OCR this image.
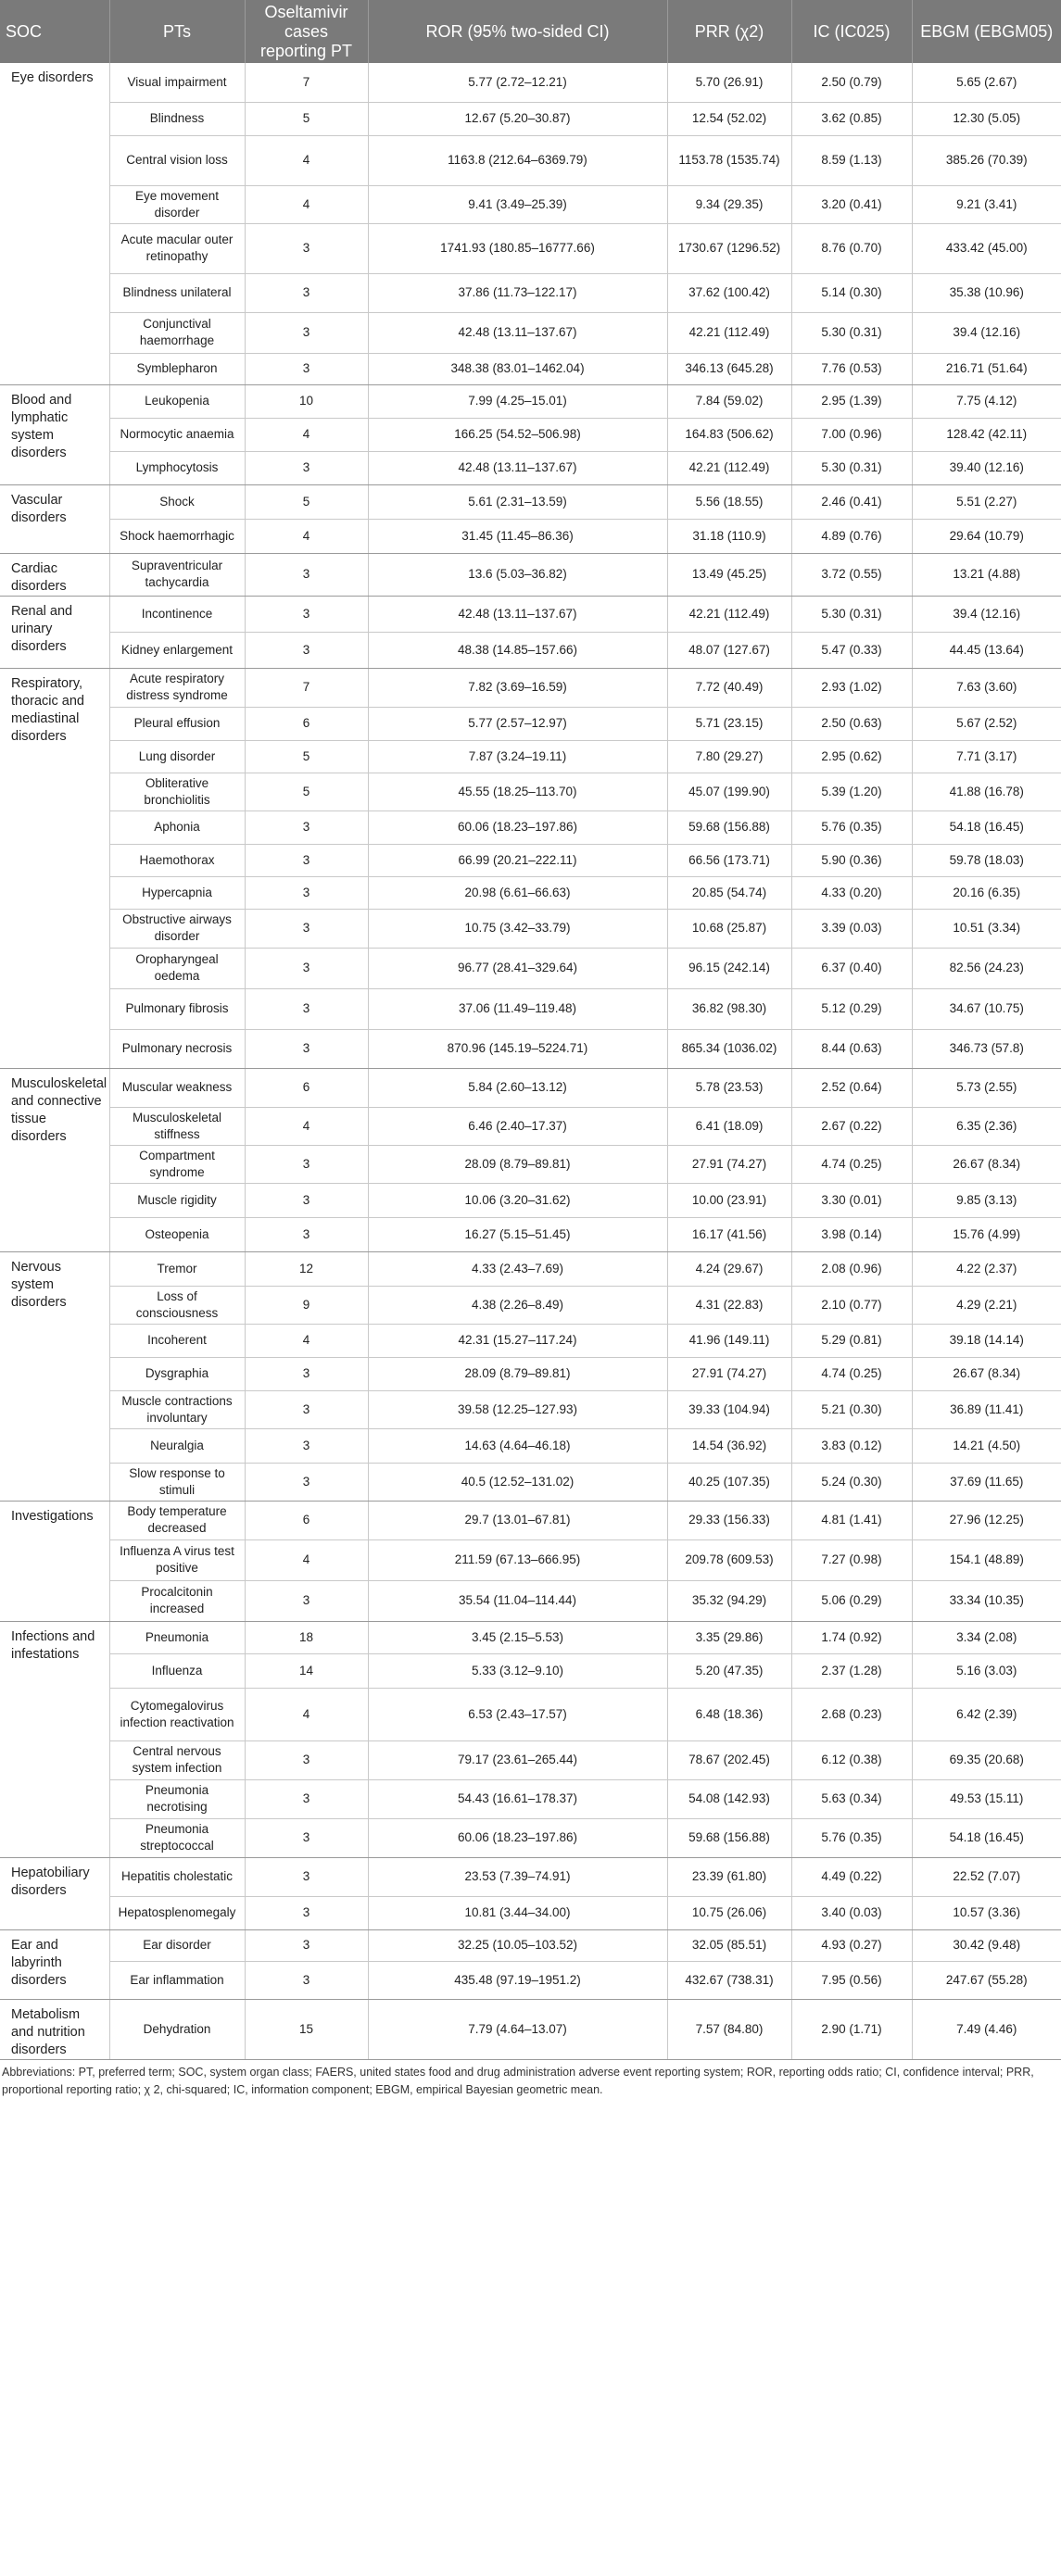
SOC	PTs	Oseltamivir cases reporting PT	ROR (95% two-sided CI)	PRR (χ2)	IC (IC025)	EBGM (EBGM05)
Eye disorders	Visual impairment	7	5.77 (2.72–12.21)	5.70 (26.91)	2.50 (0.79)	5.65 (2.67)
	Blindness	5	12.67 (5.20–30.87)	12.54 (52.02)	3.62 (0.85)	12.30 (5.05)
	Central vision loss	4	1163.8 (212.64–6369.79)	1153.78 (1535.74)	8.59 (1.13)	385.26 (70.39)
	Eye movement disorder	4	9.41 (3.49–25.39)	9.34 (29.35)	3.20 (0.41)	9.21 (3.41)
	Acute macular outer retinopathy	3	1741.93 (180.85–16777.66)	1730.67 (1296.52)	8.76 (0.70)	433.42 (45.00)
	Blindness unilateral	3	37.86 (11.73–122.17)	37.62 (100.42)	5.14 (0.30)	35.38 (10.96)
	Conjunctival haemorrhage	3	42.48 (13.11–137.67)	42.21 (112.49)	5.30 (0.31)	39.4 (12.16)
	Symblepharon	3	348.38 (83.01–1462.04)	346.13 (645.28)	7.76 (0.53)	216.71 (51.64)
Blood and lymphatic system disorders	Leukopenia	10	7.99 (4.25–15.01)	7.84 (59.02)	2.95 (1.39)	7.75 (4.12)
	Normocytic anaemia	4	166.25 (54.52–506.98)	164.83 (506.62)	7.00 (0.96)	128.42 (42.11)
	Lymphocytosis	3	42.48 (13.11–137.67)	42.21 (112.49)	5.30 (0.31)	39.40 (12.16)
Vascular disorders	Shock	5	5.61 (2.31–13.59)	5.56 (18.55)	2.46 (0.41)	5.51 (2.27)
	Shock haemorrhagic	4	31.45 (11.45–86.36)	31.18 (110.9)	4.89 (0.76)	29.64 (10.79)
Cardiac disorders	Supraventricular tachycardia	3	13.6 (5.03–36.82)	13.49 (45.25)	3.72 (0.55)	13.21 (4.88)
Renal and urinary disorders	Incontinence	3	42.48 (13.11–137.67)	42.21 (112.49)	5.30 (0.31)	39.4 (12.16)
	Kidney enlargement	3	48.38 (14.85–157.66)	48.07 (127.67)	5.47 (0.33)	44.45 (13.64)
Respiratory, thoracic and mediastinal disorders	Acute respiratory distress syndrome	7	7.82 (3.69–16.59)	7.72 (40.49)	2.93 (1.02)	7.63 (3.60)
	Pleural effusion	6	5.77 (2.57–12.97)	5.71 (23.15)	2.50 (0.63)	5.67 (2.52)
	Lung disorder	5	7.87 (3.24–19.11)	7.80 (29.27)	2.95 (0.62)	7.71 (3.17)
	Obliterative bronchiolitis	5	45.55 (18.25–113.70)	45.07 (199.90)	5.39 (1.20)	41.88 (16.78)
	Aphonia	3	60.06 (18.23–197.86)	59.68 (156.88)	5.76 (0.35)	54.18 (16.45)
	Haemothorax	3	66.99 (20.21–222.11)	66.56 (173.71)	5.90 (0.36)	59.78 (18.03)
	Hypercapnia	3	20.98 (6.61–66.63)	20.85 (54.74)	4.33 (0.20)	20.16 (6.35)
	Obstructive airways disorder	3	10.75 (3.42–33.79)	10.68 (25.87)	3.39 (0.03)	10.51 (3.34)
	Oropharyngeal oedema	3	96.77 (28.41–329.64)	96.15 (242.14)	6.37 (0.40)	82.56 (24.23)
	Pulmonary fibrosis	3	37.06 (11.49–119.48)	36.82 (98.30)	5.12 (0.29)	34.67 (10.75)
	Pulmonary necrosis	3	870.96 (145.19–5224.71)	865.34 (1036.02)	8.44 (0.63)	346.73 (57.8)
Musculoskeletal and connective tissue disorders	Muscular weakness	6	5.84 (2.60–13.12)	5.78 (23.53)	2.52 (0.64)	5.73 (2.55)
	Musculoskeletal stiffness	4	6.46 (2.40–17.37)	6.41 (18.09)	2.67 (0.22)	6.35 (2.36)
	Compartment syndrome	3	28.09 (8.79–89.81)	27.91 (74.27)	4.74 (0.25)	26.67 (8.34)
	Muscle rigidity	3	10.06 (3.20–31.62)	10.00 (23.91)	3.30 (0.01)	9.85 (3.13)
	Osteopenia	3	16.27 (5.15–51.45)	16.17 (41.56)	3.98 (0.14)	15.76 (4.99)
Nervous system disorders	Tremor	12	4.33 (2.43–7.69)	4.24 (29.67)	2.08 (0.96)	4.22 (2.37)
	Loss of consciousness	9	4.38 (2.26–8.49)	4.31 (22.83)	2.10 (0.77)	4.29 (2.21)
	Incoherent	4	42.31 (15.27–117.24)	41.96 (149.11)	5.29 (0.81)	39.18 (14.14)
	Dysgraphia	3	28.09 (8.79–89.81)	27.91 (74.27)	4.74 (0.25)	26.67 (8.34)
	Muscle contractions involuntary	3	39.58 (12.25–127.93)	39.33 (104.94)	5.21 (0.30)	36.89 (11.41)
	Neuralgia	3	14.63 (4.64–46.18)	14.54 (36.92)	3.83 (0.12)	14.21 (4.50)
	Slow response to stimuli	3	40.5 (12.52–131.02)	40.25 (107.35)	5.24 (0.30)	37.69 (11.65)
Investigations	Body temperature decreased	6	29.7 (13.01–67.81)	29.33 (156.33)	4.81 (1.41)	27.96 (12.25)
	Influenza A virus test positive	4	211.59 (67.13–666.95)	209.78 (609.53)	7.27 (0.98)	154.1 (48.89)
	Procalcitonin increased	3	35.54 (11.04–114.44)	35.32 (94.29)	5.06 (0.29)	33.34 (10.35)
Infections and infestations	Pneumonia	18	3.45 (2.15–5.53)	3.35 (29.86)	1.74 (0.92)	3.34 (2.08)
	Influenza	14	5.33 (3.12–9.10)	5.20 (47.35)	2.37 (1.28)	5.16 (3.03)
	Cytomegalovirus infection reactivation	4	6.53 (2.43–17.57)	6.48 (18.36)	2.68 (0.23)	6.42 (2.39)
	Central nervous system infection	3	79.17 (23.61–265.44)	78.67 (202.45)	6.12 (0.38)	69.35 (20.68)
	Pneumonia necrotising	3	54.43 (16.61–178.37)	54.08 (142.93)	5.63 (0.34)	49.53 (15.11)
	Pneumonia streptococcal	3	60.06 (18.23–197.86)	59.68 (156.88)	5.76 (0.35)	54.18 (16.45)
Hepatobiliary disorders	Hepatitis cholestatic	3	23.53 (7.39–74.91)	23.39 (61.80)	4.49 (0.22)	22.52 (7.07)
	Hepatosplenomegaly	3	10.81 (3.44–34.00)	10.75 (26.06)	3.40 (0.03)	10.57 (3.36)
Ear and labyrinth disorders	Ear disorder	3	32.25 (10.05–103.52)	32.05 (85.51)	4.93 (0.27)	30.42 (9.48)
	Ear inflammation	3	435.48 (97.19–1951.2)	432.67 (738.31)	7.95 (0.56)	247.67 (55.28)
Metabolism and nutrition disorders	Dehydration	15	7.79 (4.64–13.07)	7.57 (84.80)	2.90 (1.71)	7.49 (4.46)
Abbreviations: PT, preferred term; SOC, system organ class; FAERS, united states food and drug administration adverse event reporting system; ROR, reporting odds ratio; CI, confidence interval; PRR, proportional reporting ratio; χ 2, chi-squared; IC, information component; EBGM, empirical Bayesian geometric mean.
